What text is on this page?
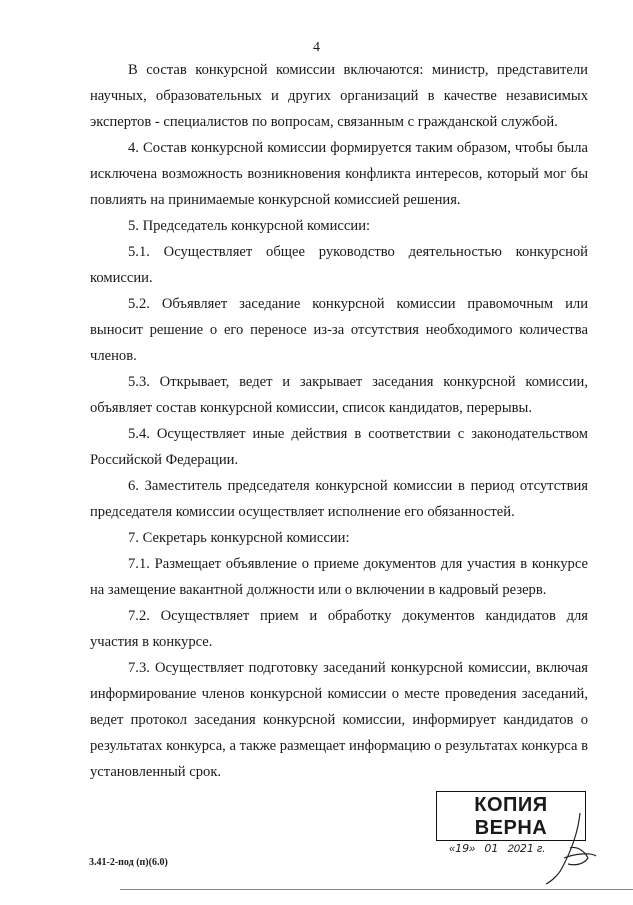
4

В состав конкурсной комиссии включаются: министр, представители научных, образовательных и других организаций в качестве независимых экспертов - специалистов по вопросам, связанным с гражданской службой.

4. Состав конкурсной комиссии формируется таким образом, чтобы была исключена возможность возникновения конфликта интересов, который мог бы повлиять на принимаемые конкурсной комиссией решения.

5. Председатель конкурсной комиссии:

5.1. Осуществляет общее руководство деятельностью конкурсной комиссии.

5.2. Объявляет заседание конкурсной комиссии правомочным или выносит решение о его переносе из-за отсутствия необходимого количества членов.

5.3. Открывает, ведет и закрывает заседания конкурсной комиссии, объявляет состав конкурсной комиссии, список кандидатов, перерывы.

5.4. Осуществляет иные действия в соответствии с законодательством Российской Федерации.

6. Заместитель председателя конкурсной комиссии в период отсутствия председателя комиссии осуществляет исполнение его обязанностей.

7. Секретарь конкурсной комиссии:

7.1. Размещает объявление о приеме документов для участия в конкурсе на замещение вакантной должности или о включении в кадровый резерв.

7.2. Осуществляет прием и обработку документов кандидатов для участия в конкурсе.

7.3. Осуществляет подготовку заседаний конкурсной комиссии, включая информирование членов конкурсной комиссии о месте проведения заседаний, ведет протокол заседания конкурсной комиссии, информирует кандидатов о результатах конкурса, а также размещает информацию о результатах конкурса в установленный срок.

КОПИЯ ВЕРНА
«19»   01 2021 г.
3.41-2-под (п)(6.0)
